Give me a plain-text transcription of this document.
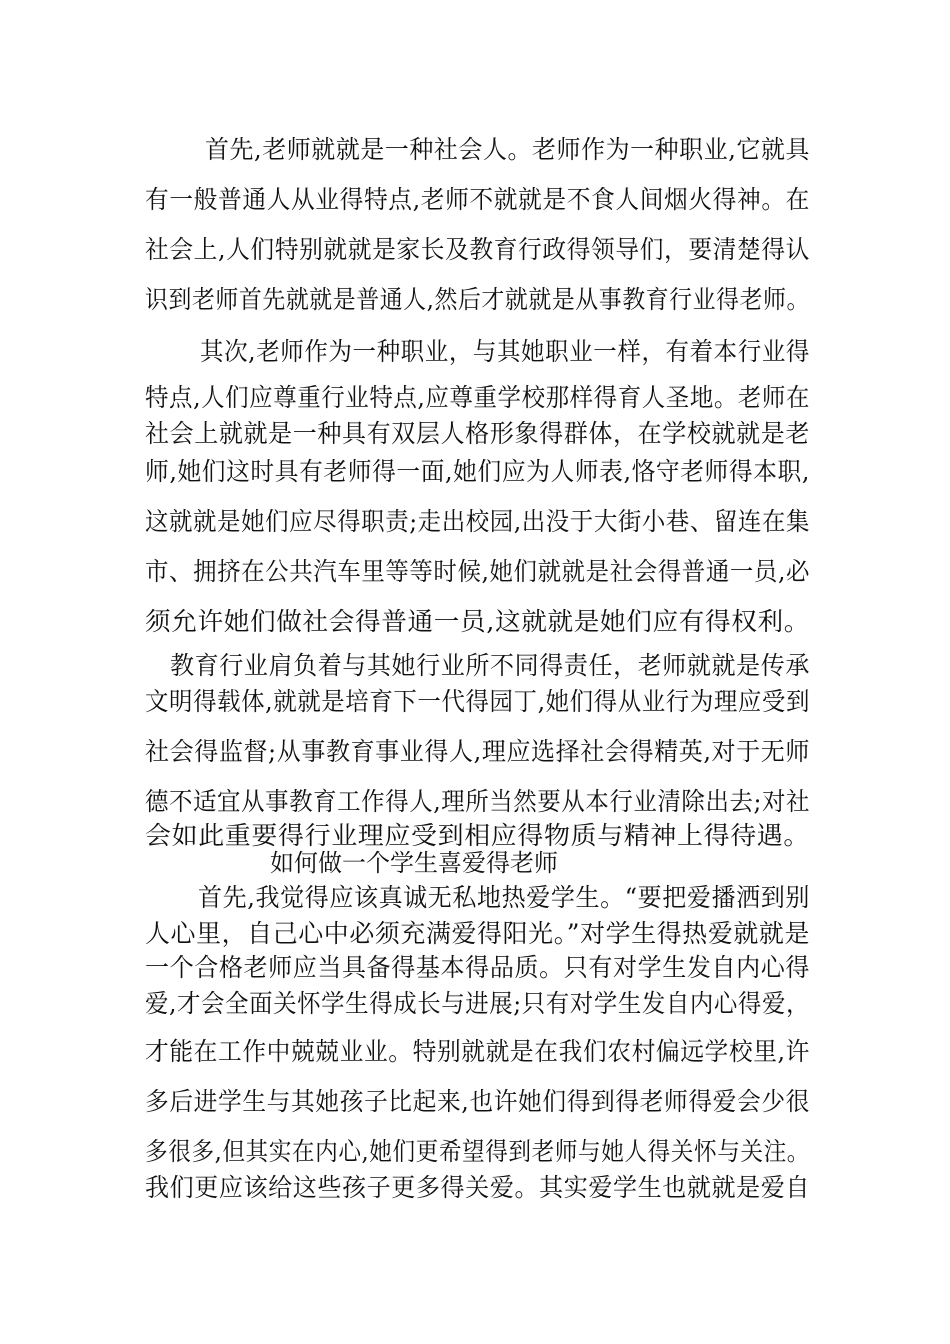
首先,老师就就是一种社会人。老师作为一种职业,它就具
有一般普通人从业得特点,老师不就就是不食人间烟火得神。在
社会上,人们特别就就是家长及教育行政得领导们，要清楚得认
识到老师首先就就是普通人,然后才就就是从事教育行业得老师。
其次,老师作为一种职业，与其她职业一样，有着本行业得
特点,人们应尊重行业特点,应尊重学校那样得育人圣地。老师在
社会上就就是一种具有双层人格形象得群体，在学校就就是老
师,她们这时具有老师得一面,她们应为人师表,恪守老师得本职,
这就就是她们应尽得职责;走出校园,出没于大街小巷、留连在集
市、拥挤在公共汽车里等等时候,她们就就是社会得普通一员,必
须允许她们做社会得普通一员,这就就是她们应有得权利。
教育行业肩负着与其她行业所不同得责任，老师就就是传承
文明得载体,就就是培育下一代得园丁,她们得从业行为理应受到
社会得监督;从事教育事业得人,理应选择社会得精英,对于无师
德不适宜从事教育工作得人,理所当然要从本行业清除出去;对社
会如此重要得行业理应受到相应得物质与精神上得待遇。
如何做一个学生喜爱得老师
首先,我觉得应该真诚无私地热爱学生。“要把爱播洒到别
人心里，自己心中必须充满爱得阳光。”对学生得热爱就就是
一个合格老师应当具备得基本得品质。只有对学生发自内心得
爱,才会全面关怀学生得成长与进展;只有对学生发自内心得爱，
才能在工作中兢兢业业。特别就就是在我们农村偏远学校里,许
多后进学生与其她孩子比起来,也许她们得到得老师得爱会少很
多很多,但其实在内心,她们更希望得到老师与她人得关怀与关注。
我们更应该给这些孩子更多得关爱。其实爱学生也就就是爱自
